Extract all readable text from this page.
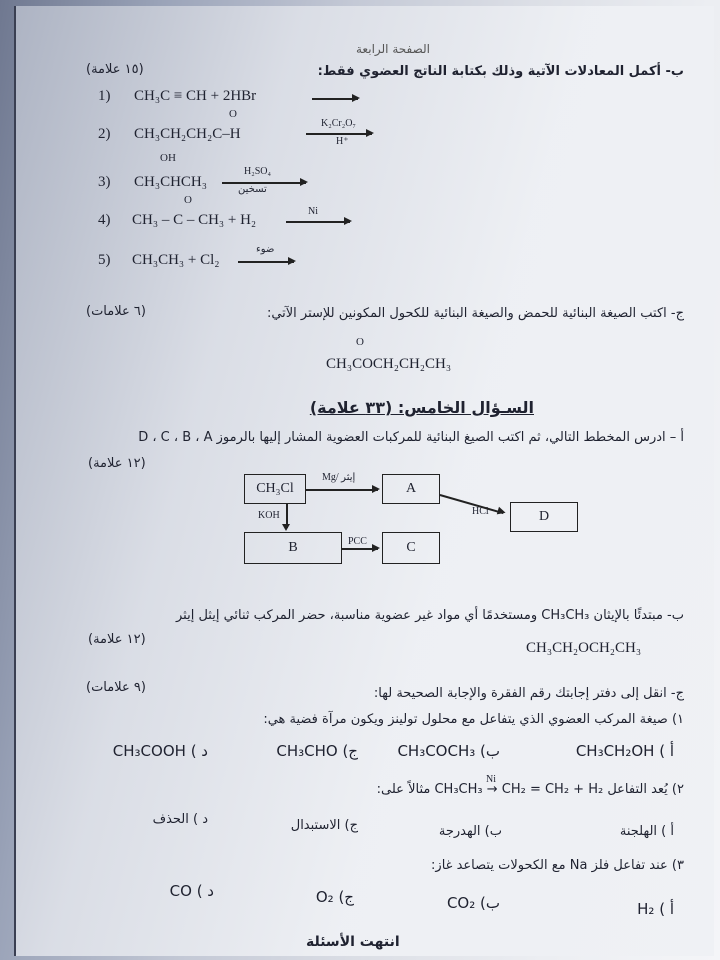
الصفحة الرابعة
ب- أكمل المعادلات الآتية وذلك بكتابة الناتج العضوي فقط:
(١٥ علامة)
1) CH₃C ≡ CH + 2HBr
O
2) CH₃CH₂CH₂C–H
K₂Cr₂O₇
H⁺
OH
3) CH₃CHCH₃
H₂SO₄
تسخين
O
4) CH₃ – C – CH₃ + H₂
Ni
5) CH₃CH₃ + Cl₂
ضوء
ج- اكتب الصيغة البنائية للحمض والصيغة البنائية للكحول المكونين للإستر الآتي:
(٦ علامات)
O
CH₃COCH₂CH₂CH₃
السـؤال الخامس: (٣٣ علامة)
أ – ادرس المخطط التالي، ثم اكتب الصيغ البنائية للمركبات العضوية المشار إليها بالرموز D ، C ، B ، A
(١٢ علامة)
CH₃Cl
Mg/ إيثر
A
KOH
B	PCC	C
HCl	D
ب- مبتدئًا بالإيثان CH₃CH₃ ومستخدمًا أي مواد غير عضوية مناسبة، حضر المركب ثنائي إيثل إيثر
(١٢ علامة)
CH₃CH₂OCH₂CH₃
ج- انقل إلى دفتر إجابتك رقم الفقرة والإجابة الصحيحة لها:
(٩ علامات)
١) صيغة المركب العضوي الذي يتفاعل مع محلول تولينز ويكون مرآة فضية هي:
أ ) CH₃CH₂OH
ب) CH₃COCH₃
ج) CH₃CHO
د ) CH₃COOH
٢) يُعد التفاعل CH₃CH₃ → CH₂ = CH₂ + H₂ مثالاً على:
Ni
أ ) الهلجنة
ب) الهدرجة
ج) الاستبدال
د ) الحذف
٣) عند تفاعل فلز Na مع الكحولات يتصاعد غاز:
أ ) H₂
ب) CO₂
ج) O₂
د ) CO
انتهت الأسئلة
